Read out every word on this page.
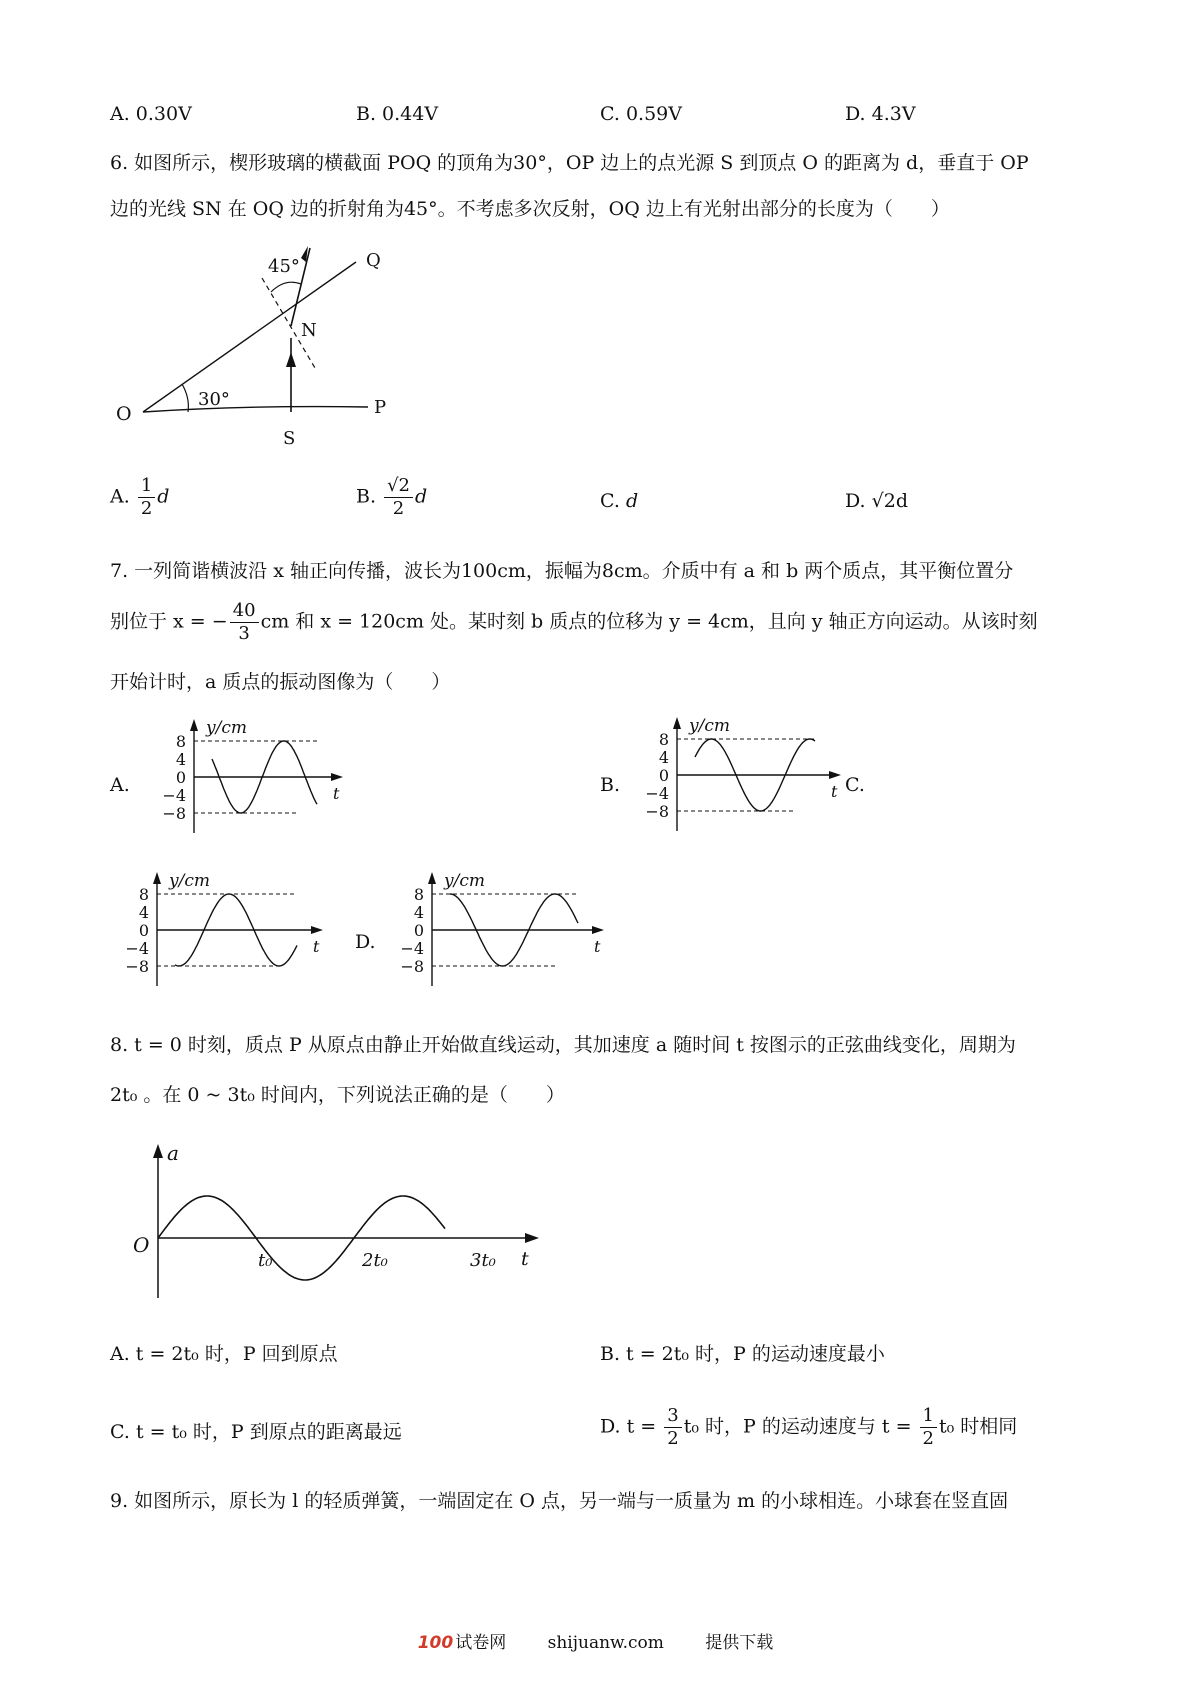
A. 0.30V	B. 0.44V	C. 0.59V	D. 4.3V
6. 如图所示，楔形玻璃的横截面 POQ 的顶角为30°，OP 边上的点光源 S 到顶点 O 的距离为 d，垂直于 OP
边的光线 SN 在 OQ 边的折射角为45°。不考虑多次反射，OQ 边上有光射出部分的长度为（　　）
Q
P
O
S
N
45°
30°
A. $\frac{1}{2}$ d	B. $\frac{√2}{2}$ d	C. d	D. √2d
7. 一列简谐横波沿 x 轴正向传播，波长为100cm，振幅为8cm。介质中有 a 和 b 两个质点，其平衡位置分
别位于 x = − $\frac{40}{3}$ cm 和 x = 120cm 处。某时刻 b 质点的位移为 y = 4cm，且向 y 轴正方向运动。从该时刻
开始计时，a 质点的振动图像为（　　）
A.
8
4
0
−4
−8
y/cm
t	B.
8
4
0
−4
−8
y/cm
t C.
8
4
0
−4
−8
y/cm
t D.
8
4
0
−4
−8
y/cm
t
8. t = 0 时刻，质点 P 从原点由静止开始做直线运动，其加速度 a 随时间 t 按图示的正弦曲线变化，周期为
2t₀ 。在 0 ~ 3t₀ 时间内，下列说法正确的是（　　）
a
O
t₀	2t₀	3t₀ t
A. t = 2t₀ 时，P 回到原点	B. t = 2t₀ 时，P 的运动速度最小
C. t = t₀ 时，P 到原点的距离最远	D. $t = \frac{3}{2} t_0$ 时，P 的运动速度与 $t = \frac{1}{2} t_0$ 时相同
9. 如图所示，原长为 l 的轻质弹簧，一端固定在 O 点，另一端与一质量为 m 的小球相连。小球套在竖直固
100 试卷网 shijuanw.com 提供下载
